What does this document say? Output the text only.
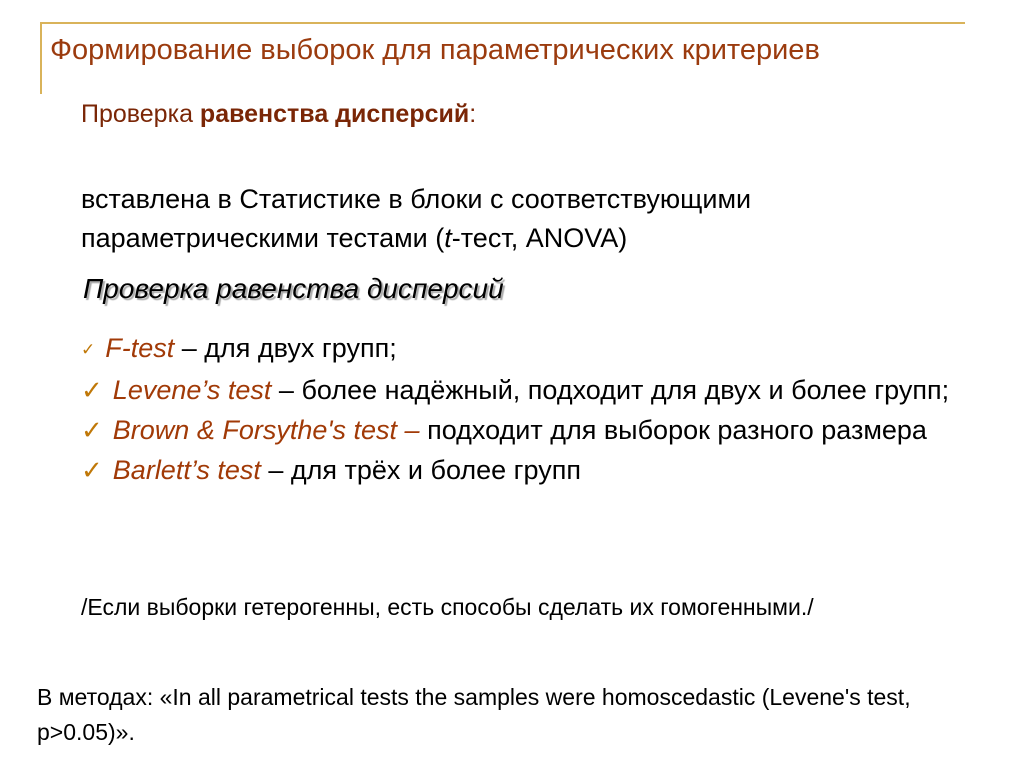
Формирование выборок для параметрических критериев
Проверка равенства дисперсий:
вставлена в Статистике в блоки с соответствующими параметрическими тестами (t-тест, ANOVA)
Проверка равенства дисперсий
✓ F-test – для двух групп;
✓ Levene’s test – более надёжный, подходит для двух и более групп;
✓ Brown & Forsythe's test – подходит для выборок разного размера
✓ Barlett’s test – для трёх и более групп
/Если выборки гетерогенны, есть способы сделать их гомогенными./
В методах: «In all parametrical tests the samples were homoscedastic (Levene's test, p>0.05)».
